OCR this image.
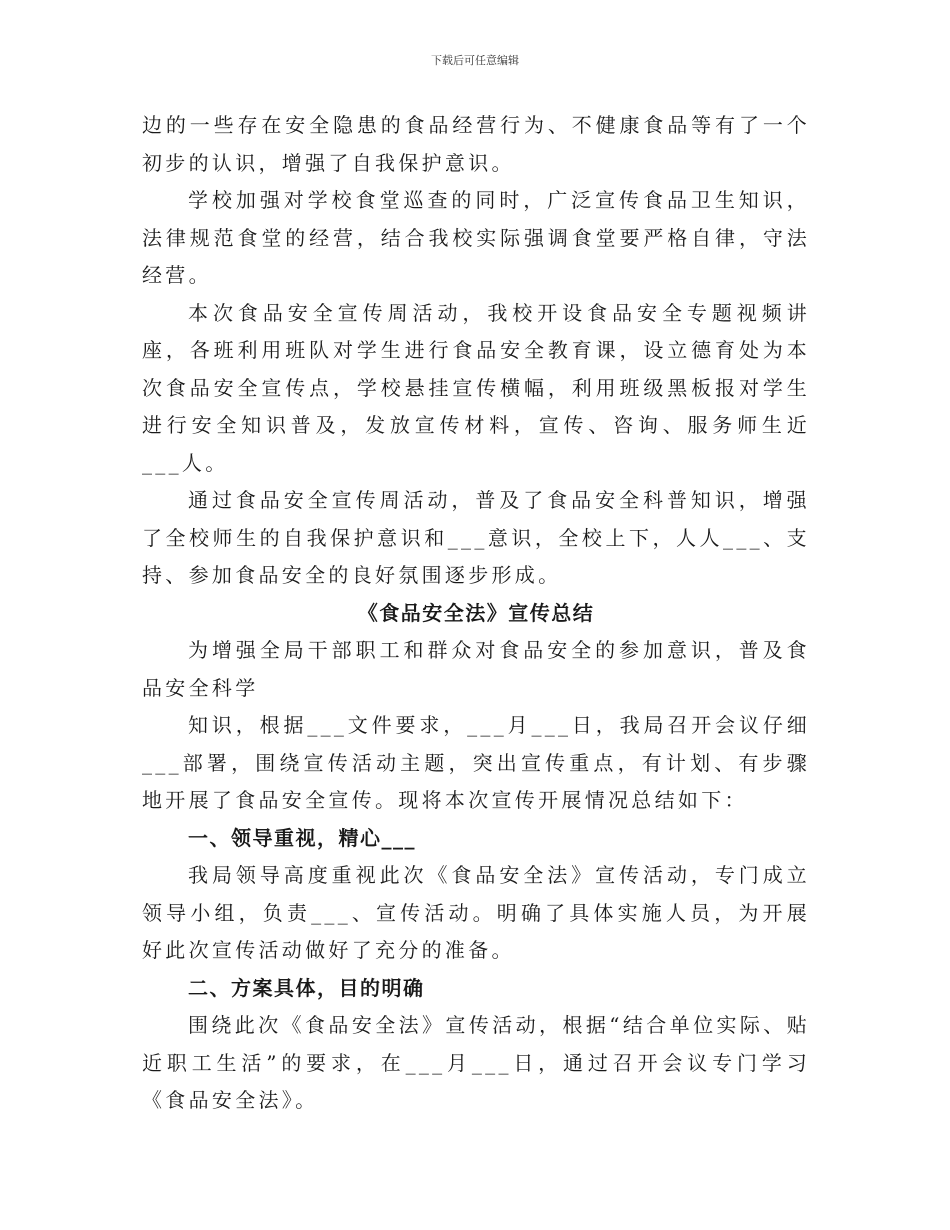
下载后可任意编辑

边的一些存在安全隐患的食品经营行为、不健康食品等有了一个初步的认识，增强了自我保护意识。

学校加强对学校食堂巡查的同时，广泛宣传食品卫生知识，法律规范食堂的经营，结合我校实际强调食堂要严格自律，守法经营。

本次食品安全宣传周活动，我校开设食品安全专题视频讲座，各班利用班队对学生进行食品安全教育课，设立德育处为本次食品安全宣传点，学校悬挂宣传横幅，利用班级黑板报对学生进行安全知识普及，发放宣传材料，宣传、咨询、服务师生近___人。

通过食品安全宣传周活动，普及了食品安全科普知识，增强了全校师生的自我保护意识和___意识，全校上下，人人___、支持、参加食品安全的良好氛围逐步形成。

《食品安全法》宣传总结

为增强全局干部职工和群众对食品安全的参加意识，普及食品安全科学

知识，根据___文件要求，___月___日，我局召开会议仔细___部署，围绕宣传活动主题，突出宣传重点，有计划、有步骤地开展了食品安全宣传。现将本次宣传开展情况总结如下：

一、领导重视，精心___

我局领导高度重视此次《食品安全法》宣传活动，专门成立领导小组，负责___、宣传活动。明确了具体实施人员，为开展好此次宣传活动做好了充分的准备。

二、方案具体，目的明确

围绕此次《食品安全法》宣传活动，根据“结合单位实际、贴近职工生活”的要求，在___月___日，通过召开会议专门学习《食品安全法》。
